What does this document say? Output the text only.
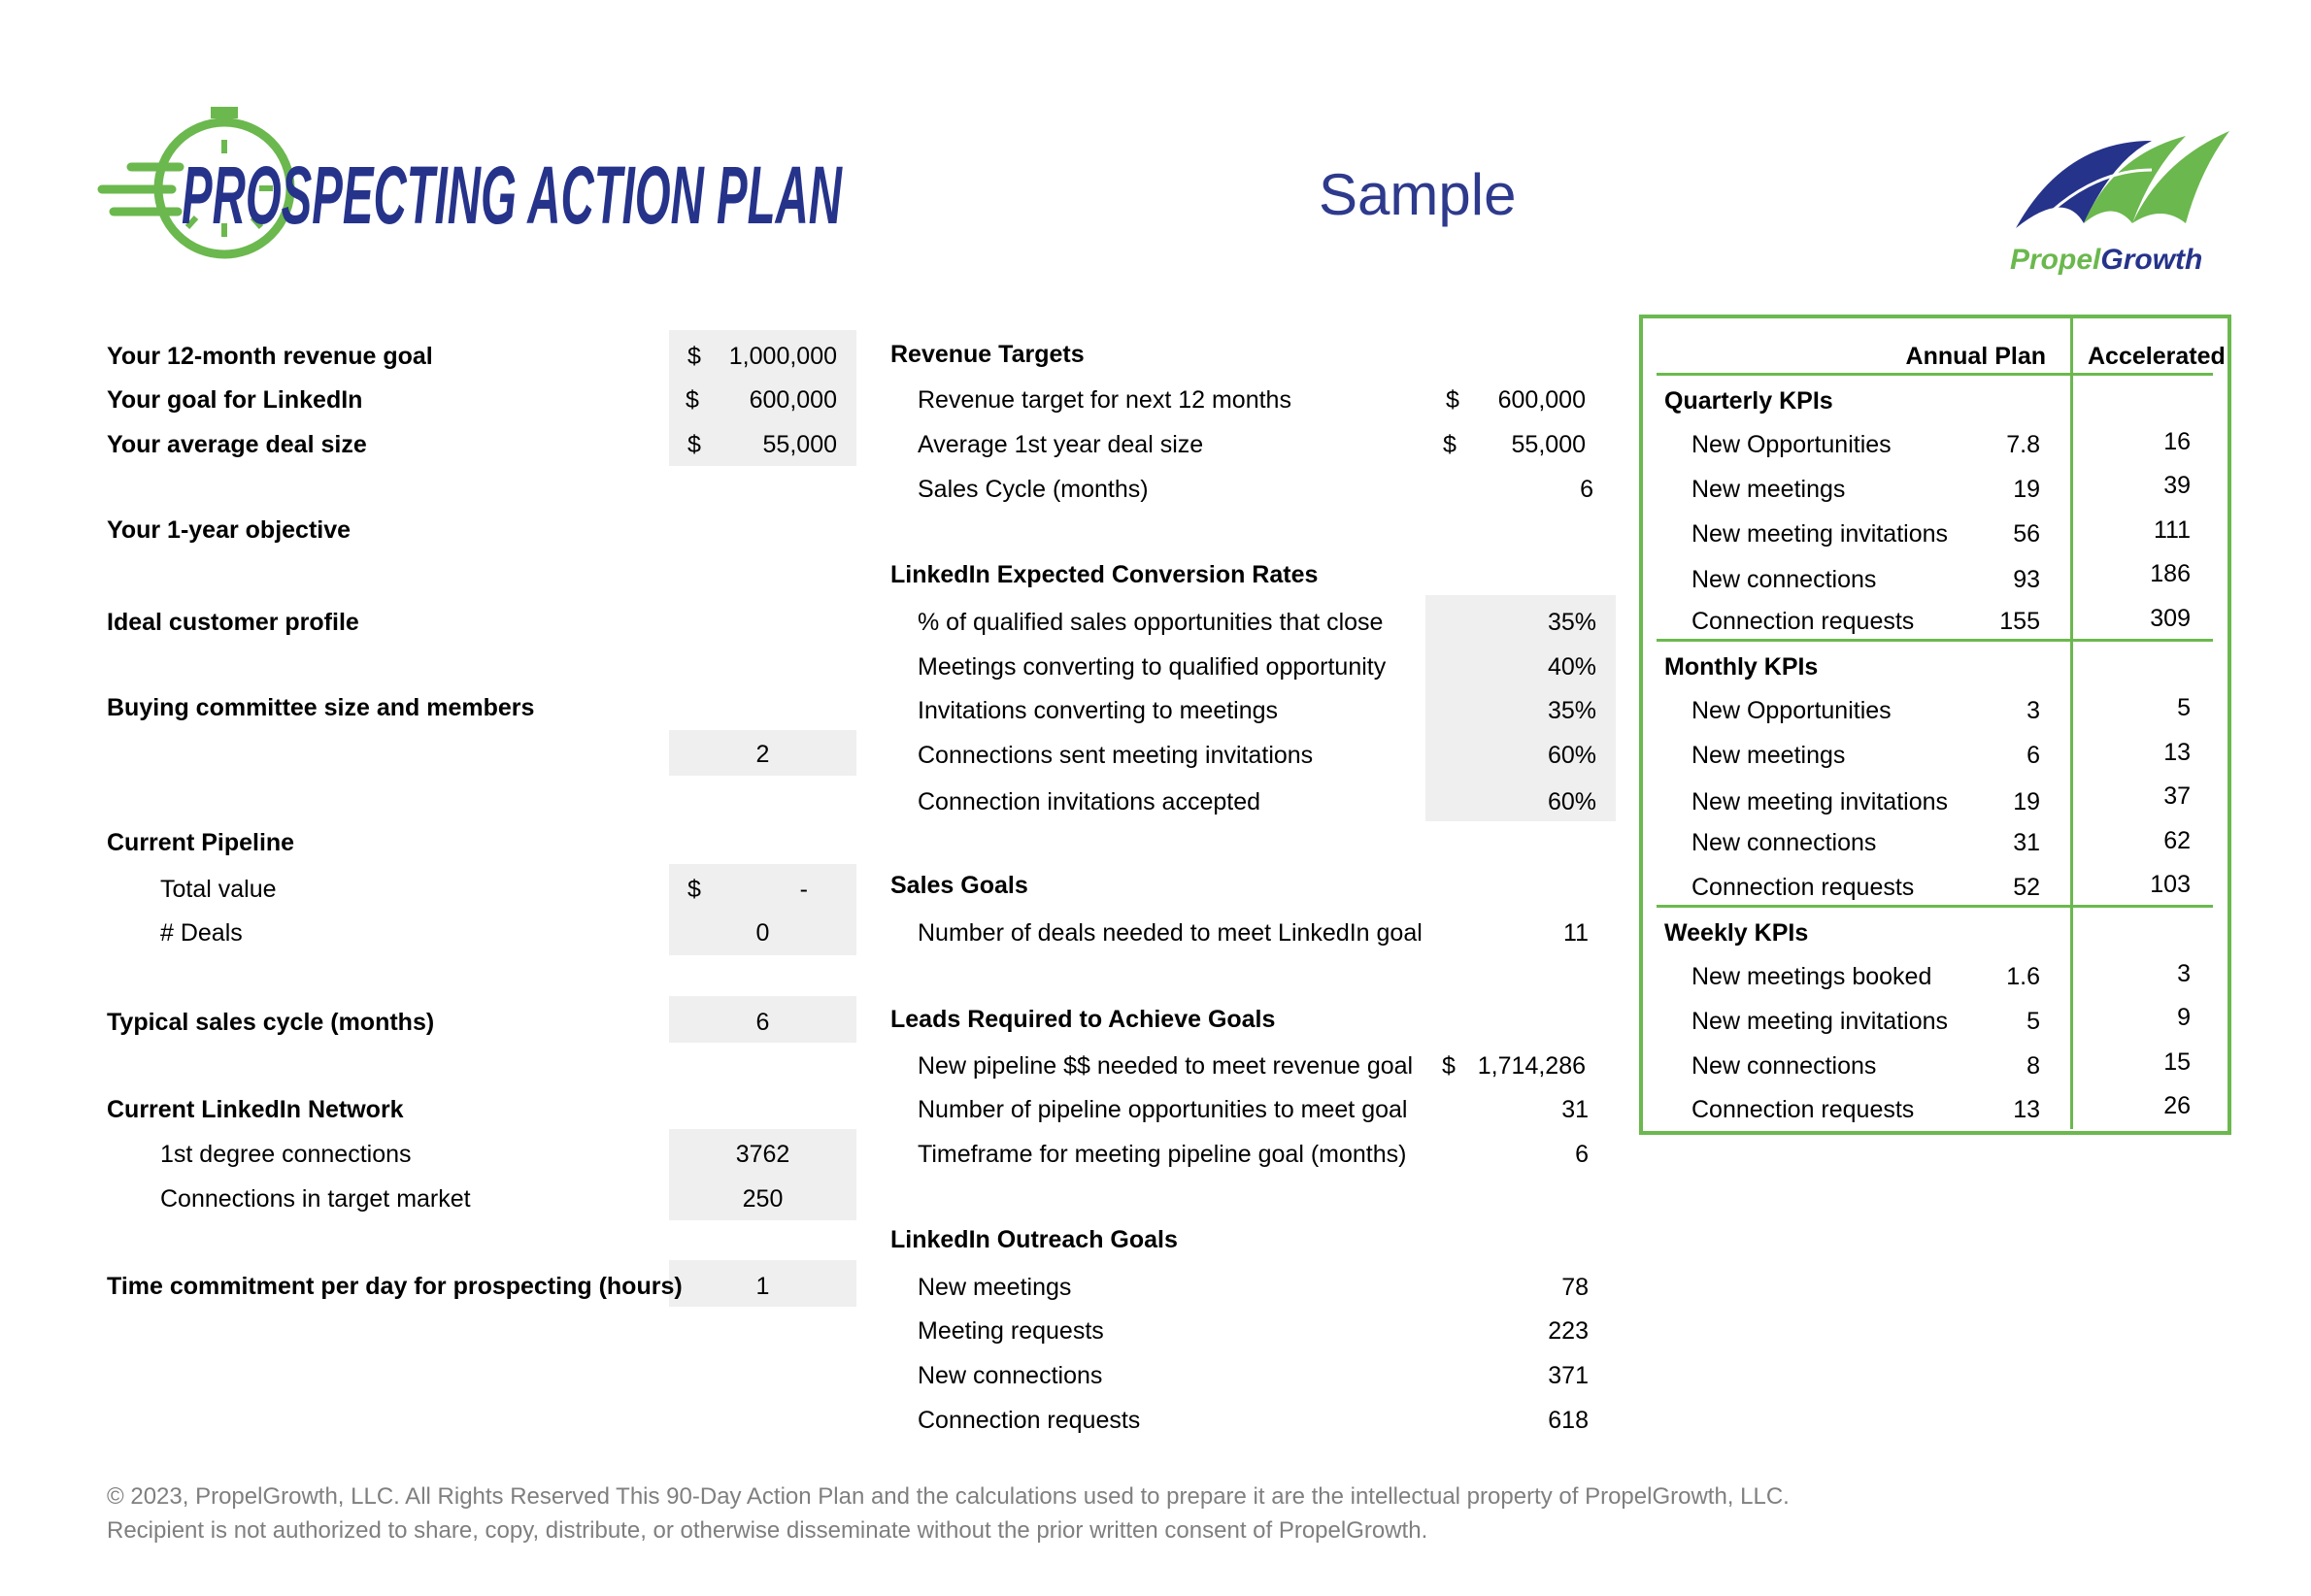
PROSPECTING ACTION PLAN	Sample
PropelGrowth
Your 12-month revenue goal	$	1,000,000
Your goal for LinkedIn	$	600,000
Your average deal size	$	55,000
Your 1-year objective
Ideal customer profile
Buying committee size and members
2
Current Pipeline
Total value	$	-
# Deals	0
Typical sales cycle (months)	6
Current LinkedIn Network
1st degree connections	3762
Connections in target market	250
Time commitment per day for prospecting (hours)	1
Revenue Targets
Revenue target for next 12 months	$	600,000
Average 1st year deal size	$	55,000
Sales Cycle (months)	6
LinkedIn Expected Conversion Rates
% of qualified sales opportunities that close	35%
Meetings converting to qualified opportunity	40%
Invitations converting to meetings	35%
Connections sent meeting invitations	60%
Connection invitations accepted	60%
Sales Goals
Number of deals needed to meet LinkedIn goal	11
Leads Required to Achieve Goals
New pipeline $$ needed to meet revenue goal $ 1,714,286
Number of pipeline opportunities to meet goal	31
Timeframe for meeting pipeline goal (months)	6
LinkedIn Outreach Goals
New meetings	78
Meeting requests	223
New connections	371
Connection requests	618
Annual Plan Accelerated
Quarterly KPIs
New Opportunities	7.8	16
New meetings	19	39
New meeting invitations	56	111
New connections	93	186
Connection requests	155	309
Monthly KPIs
New Opportunities	3	5
New meetings	6	13
New meeting invitations	19	37
New connections	31	62
Connection requests	52	103
Weekly KPIs
New meetings booked	1.6	3
New meeting invitations	5	9
New connections	8	15
Connection requests	13	26
© 2023, PropelGrowth, LLC. All Rights Reserved This 90-Day Action Plan and the calculations used to prepare it are the intellectual property of PropelGrowth, LLC.
Recipient is not authorized to share, copy, distribute, or otherwise disseminate without the prior written consent of PropelGrowth.
